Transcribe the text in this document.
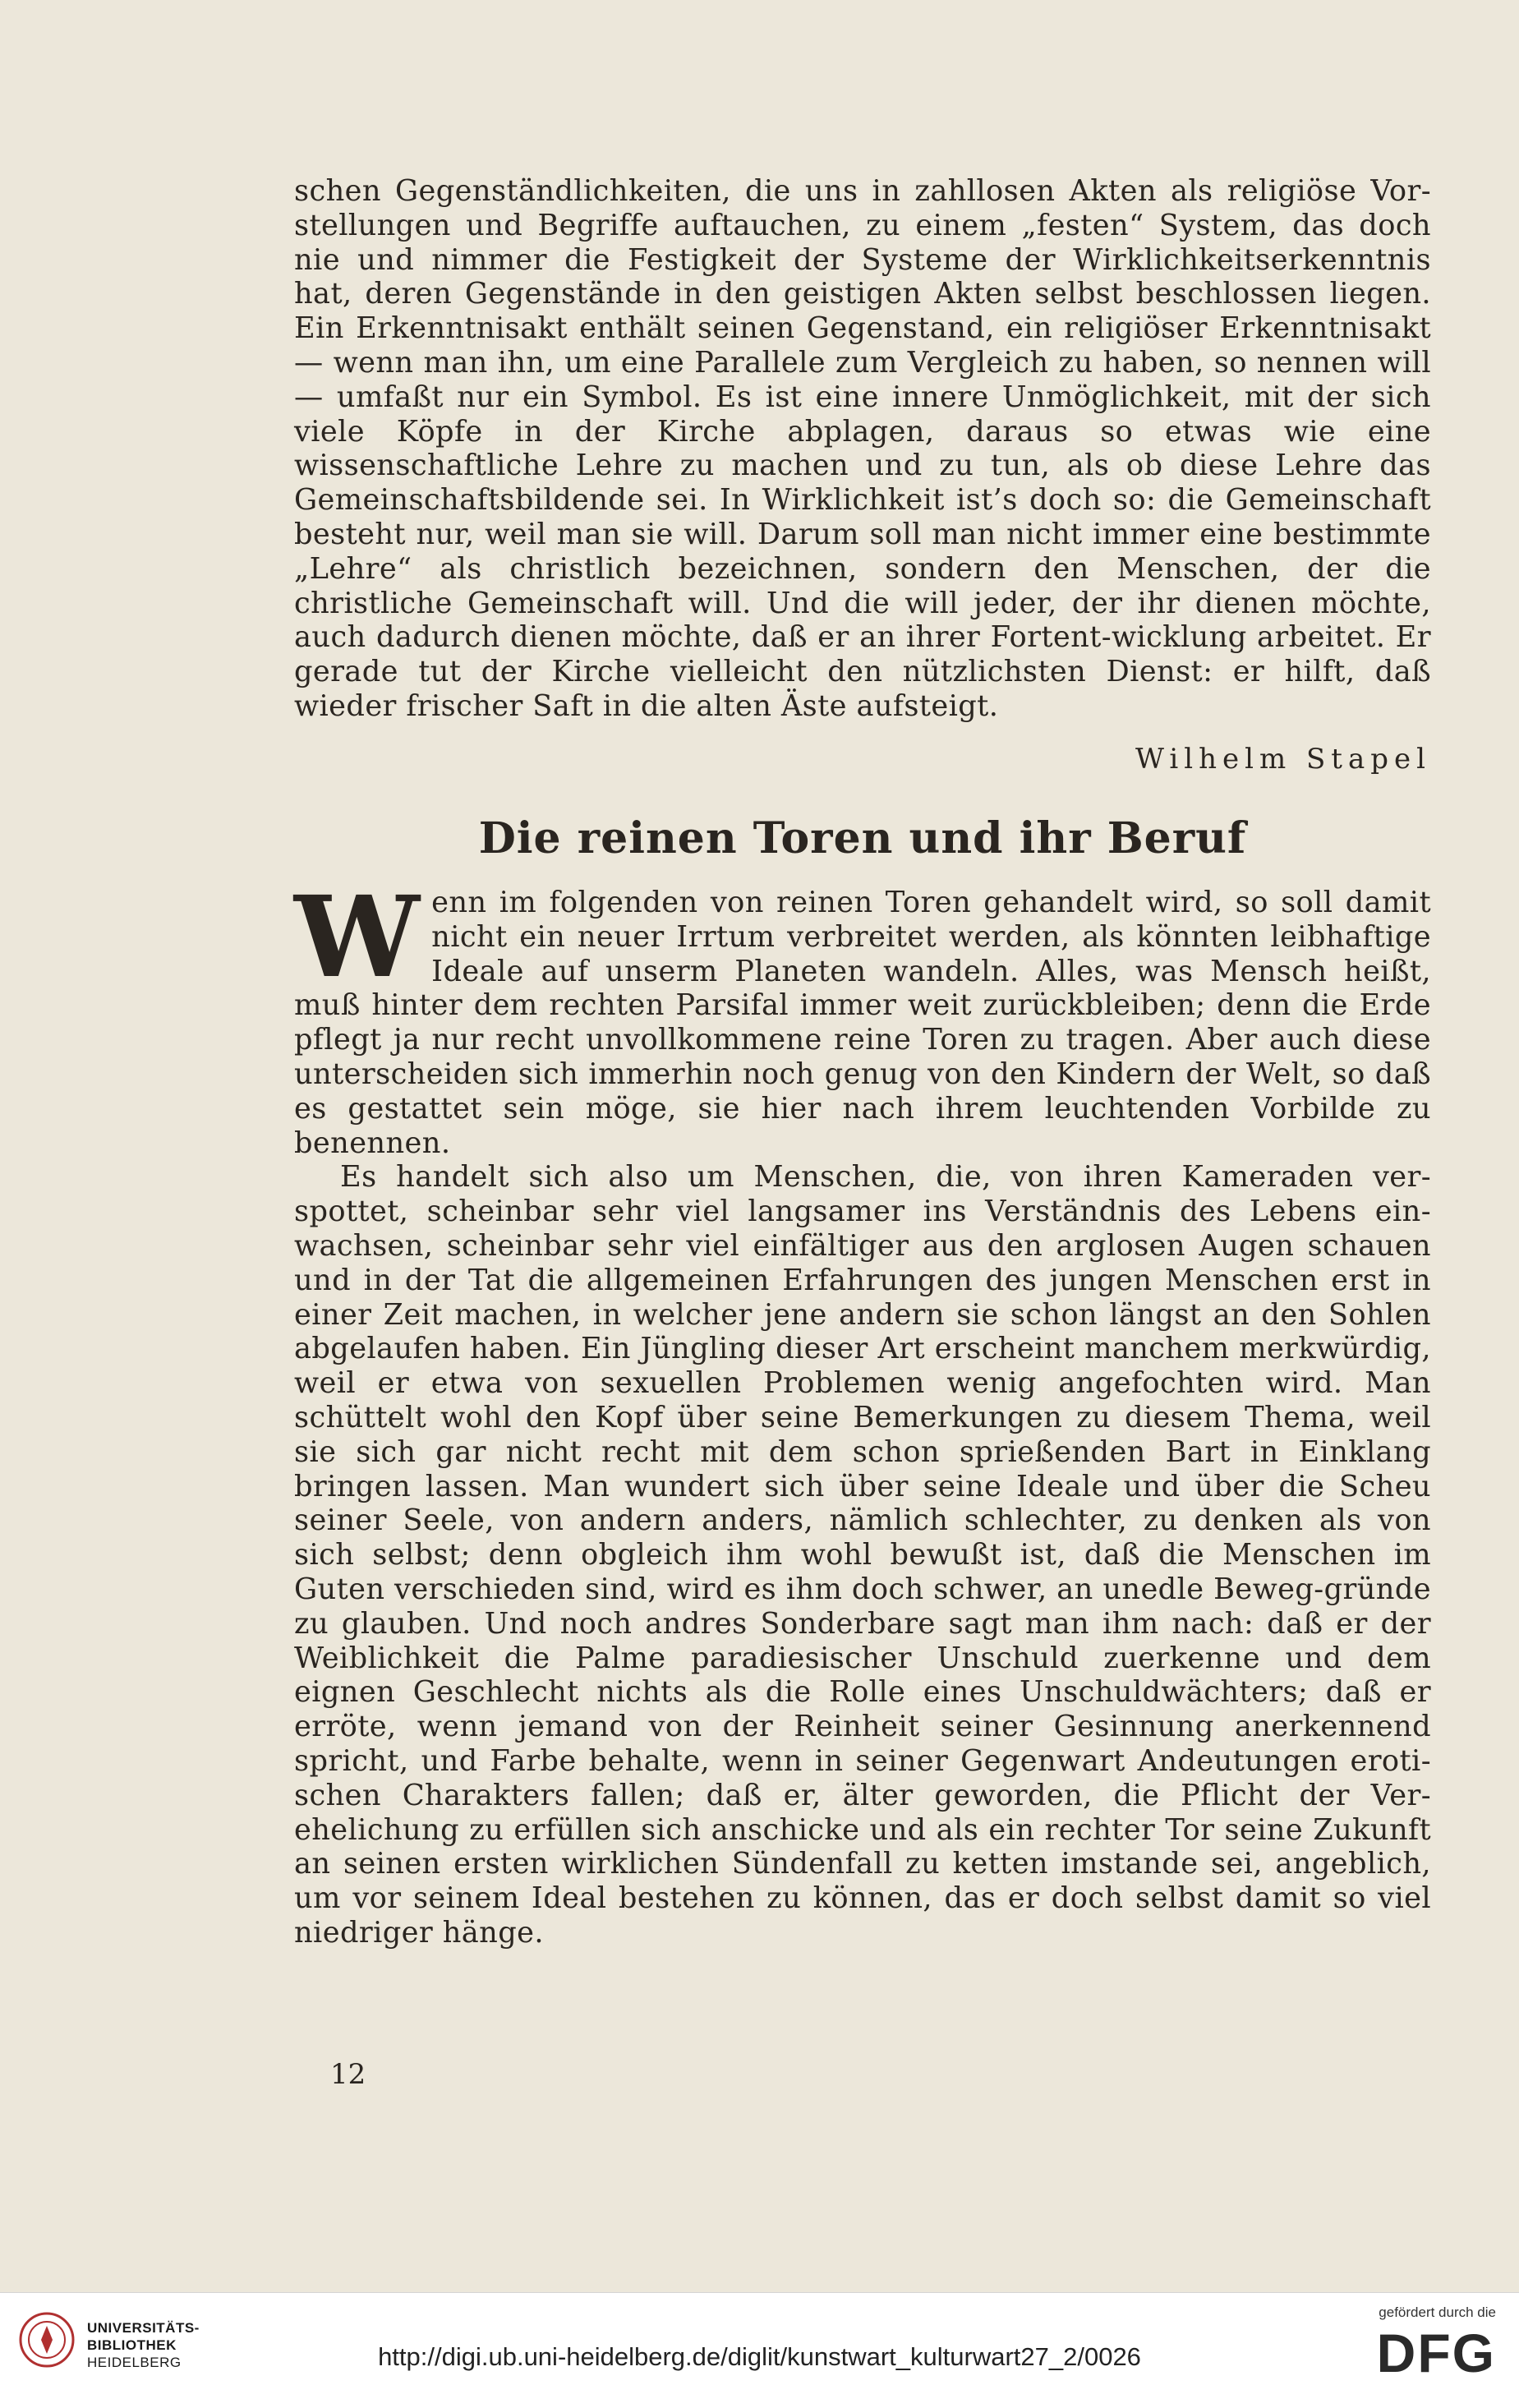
schen Gegenständlichkeiten, die uns in zahllosen Akten als religiöse Vor-stellungen und Begriffe auftauchen, zu einem „festen“ System, das doch nie und nimmer die Festigkeit der Systeme der Wirklichkeitserkenntnis hat, deren Gegenstände in den geistigen Akten selbst beschlossen liegen. Ein Erkenntnisakt enthält seinen Gegenstand, ein religiöser Erkenntnisakt — wenn man ihn, um eine Parallele zum Vergleich zu haben, so nennen will — umfaßt nur ein Symbol. Es ist eine innere Unmöglichkeit, mit der sich viele Köpfe in der Kirche abplagen, daraus so etwas wie eine wissenschaftliche Lehre zu machen und zu tun, als ob diese Lehre das Gemeinschaftsbildende sei. In Wirklichkeit ist’s doch so: die Gemeinschaft besteht nur, weil man sie will. Darum soll man nicht immer eine bestimmte „Lehre“ als christlich bezeichnen, sondern den Menschen, der die christliche Gemeinschaft will. Und die will jeder, der ihr dienen möchte, auch dadurch dienen möchte, daß er an ihrer Fortent-wicklung arbeitet. Er gerade tut der Kirche vielleicht den nützlichsten Dienst: er hilft, daß wieder frischer Saft in die alten Äste aufsteigt.

Wilhelm Stapel
Die reinen Toren und ihr Beruf

Wenn im folgenden von reinen Toren gehandelt wird, so soll damit nicht ein neuer Irrtum verbreitet werden, als könnten leibhaftige Ideale auf unserm Planeten wandeln. Alles, was Mensch heißt, muß hinter dem rechten Parsifal immer weit zurückbleiben; denn die Erde pflegt ja nur recht unvollkommene reine Toren zu tragen. Aber auch diese unterscheiden sich immerhin noch genug von den Kindern der Welt, so daß es gestattet sein möge, sie hier nach ihrem leuchtenden Vorbilde zu benennen.

Es handelt sich also um Menschen, die, von ihren Kameraden ver-spottet, scheinbar sehr viel langsamer ins Verständnis des Lebens ein-wachsen, scheinbar sehr viel einfältiger aus den arglosen Augen schauen und in der Tat die allgemeinen Erfahrungen des jungen Menschen erst in einer Zeit machen, in welcher jene andern sie schon längst an den Sohlen abgelaufen haben. Ein Jüngling dieser Art erscheint manchem merkwürdig, weil er etwa von sexuellen Problemen wenig angefochten wird. Man schüttelt wohl den Kopf über seine Bemerkungen zu diesem Thema, weil sie sich gar nicht recht mit dem schon sprießenden Bart in Einklang bringen lassen. Man wundert sich über seine Ideale und über die Scheu seiner Seele, von andern anders, nämlich schlechter, zu denken als von sich selbst; denn obgleich ihm wohl bewußt ist, daß die Menschen im Guten verschieden sind, wird es ihm doch schwer, an unedle Beweg-gründe zu glauben. Und noch andres Sonderbare sagt man ihm nach: daß er der Weiblichkeit die Palme paradiesischer Unschuld zuerkenne und dem eignen Geschlecht nichts als die Rolle eines Unschuldwächters; daß er erröte, wenn jemand von der Reinheit seiner Gesinnung anerkennend spricht, und Farbe behalte, wenn in seiner Gegenwart Andeutungen eroti-schen Charakters fallen; daß er, älter geworden, die Pflicht der Ver-ehelichung zu erfüllen sich anschicke und als ein rechter Tor seine Zukunft an seinen ersten wirklichen Sündenfall zu ketten imstande sei, angeblich, um vor seinem Ideal bestehen zu können, das er doch selbst damit so viel niedriger hänge.

12
UNIVERSITÄTS-
BIBLIOTHEK
HEIDELBERG	http://digi.ub.uni-heidelberg.de/diglit/kunstwart_kulturwart27_2/0026
gefördert durch die
DFG
